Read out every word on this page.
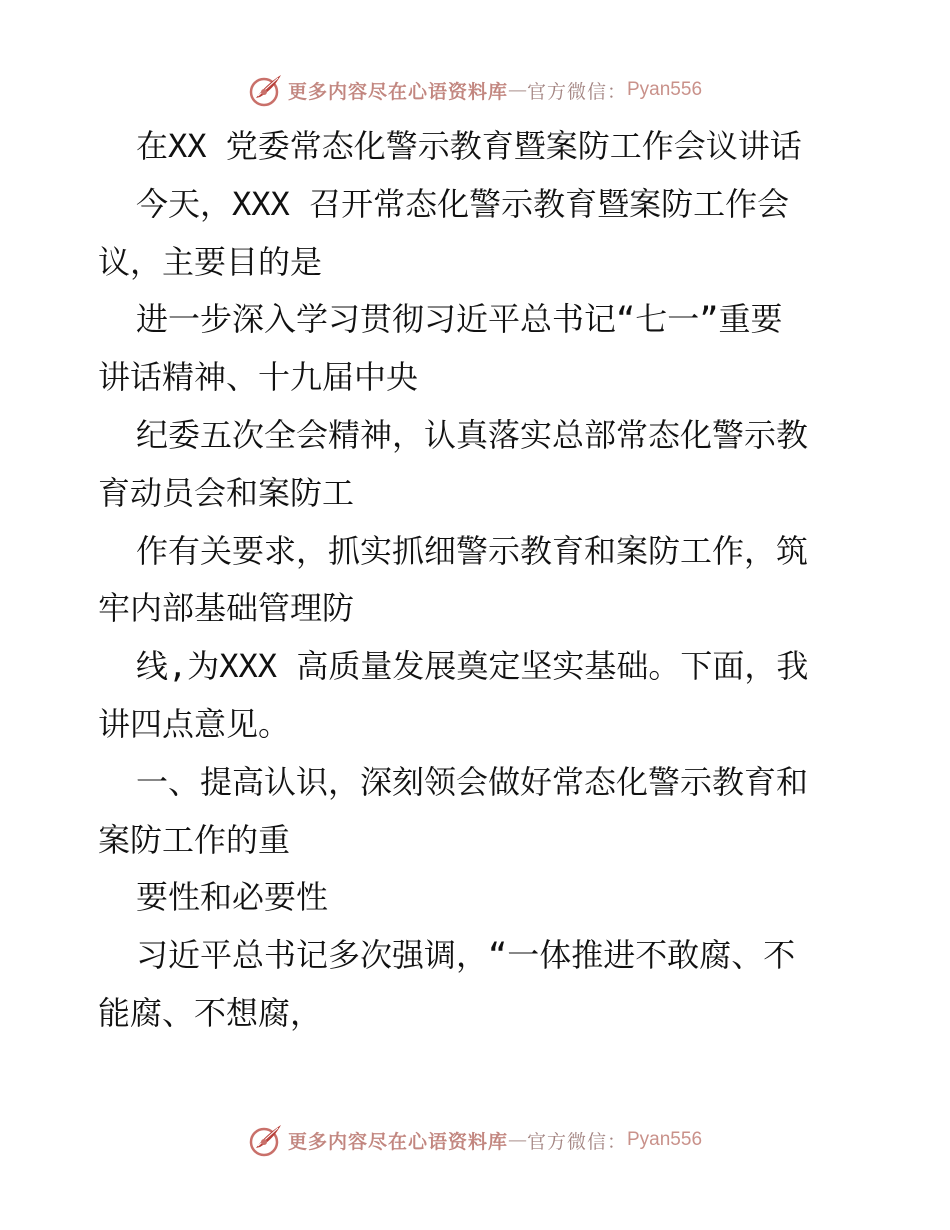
更多内容尽在心语资料库 — 官方微信： Pyan556
在XX 党委常态化警示教育暨案防工作会议讲话
今天，XXX 召开常态化警示教育暨案防工作会
议，主要目的是
进一步深入学习贯彻习近平总书记“七一”重要
讲话精神、十九届中央
纪委五次全会精神，认真落实总部常态化警示教
育动员会和案防工
作有关要求，抓实抓细警示教育和案防工作，筑
牢内部基础管理防
线,为XXX 高质量发展奠定坚实基础。下面，我
讲四点意见。
一、提高认识，深刻领会做好常态化警示教育和
案防工作的重
要性和必要性
习近平总书记多次强调，“一体推进不敢腐、不
能腐、不想腐，
更多内容尽在心语资料库 — 官方微信： Pyan556
